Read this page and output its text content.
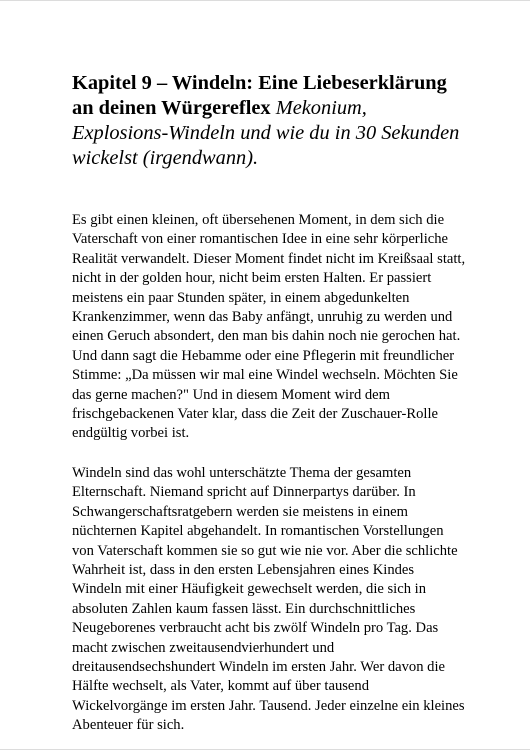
Kapitel 9 – Windeln: Eine Liebeserklärung an deinen Würgereflex Mekonium, Explosions-Windeln und wie du in 30 Sekunden wickelst (irgendwann).

Es gibt einen kleinen, oft übersehenen Moment, in dem sich die Vaterschaft von einer romantischen Idee in eine sehr körperliche Realität verwandelt. Dieser Moment findet nicht im Kreißsaal statt, nicht in der golden hour, nicht beim ersten Halten. Er passiert meistens ein paar Stunden später, in einem abgedunkelten Krankenzimmer, wenn das Baby anfängt, unruhig zu werden und einen Geruch absondert, den man bis dahin noch nie gerochen hat. Und dann sagt die Hebamme oder eine Pflegerin mit freundlicher Stimme: „Da müssen wir mal eine Windel wechseln. Möchten Sie das gerne machen?" Und in diesem Moment wird dem frischgebackenen Vater klar, dass die Zeit der Zuschauer-Rolle endgültig vorbei ist.

Windeln sind das wohl unterschätzte Thema der gesamten Elternschaft. Niemand spricht auf Dinnerpartys darüber. In Schwangerschaftsratgebern werden sie meistens in einem nüchternen Kapitel abgehandelt. In romantischen Vorstellungen von Vaterschaft kommen sie so gut wie nie vor. Aber die schlichte Wahrheit ist, dass in den ersten Lebensjahren eines Kindes Windeln mit einer Häufigkeit gewechselt werden, die sich in absoluten Zahlen kaum fassen lässt. Ein durchschnittliches Neugeborenes verbraucht acht bis zwölf Windeln pro Tag. Das macht zwischen zweitausendvierhundert und dreitausendsechshundert Windeln im ersten Jahr. Wer davon die Hälfte wechselt, als Vater, kommt auf über tausend Wickelvorgänge im ersten Jahr. Tausend. Jeder einzelne ein kleines Abenteuer für sich.
